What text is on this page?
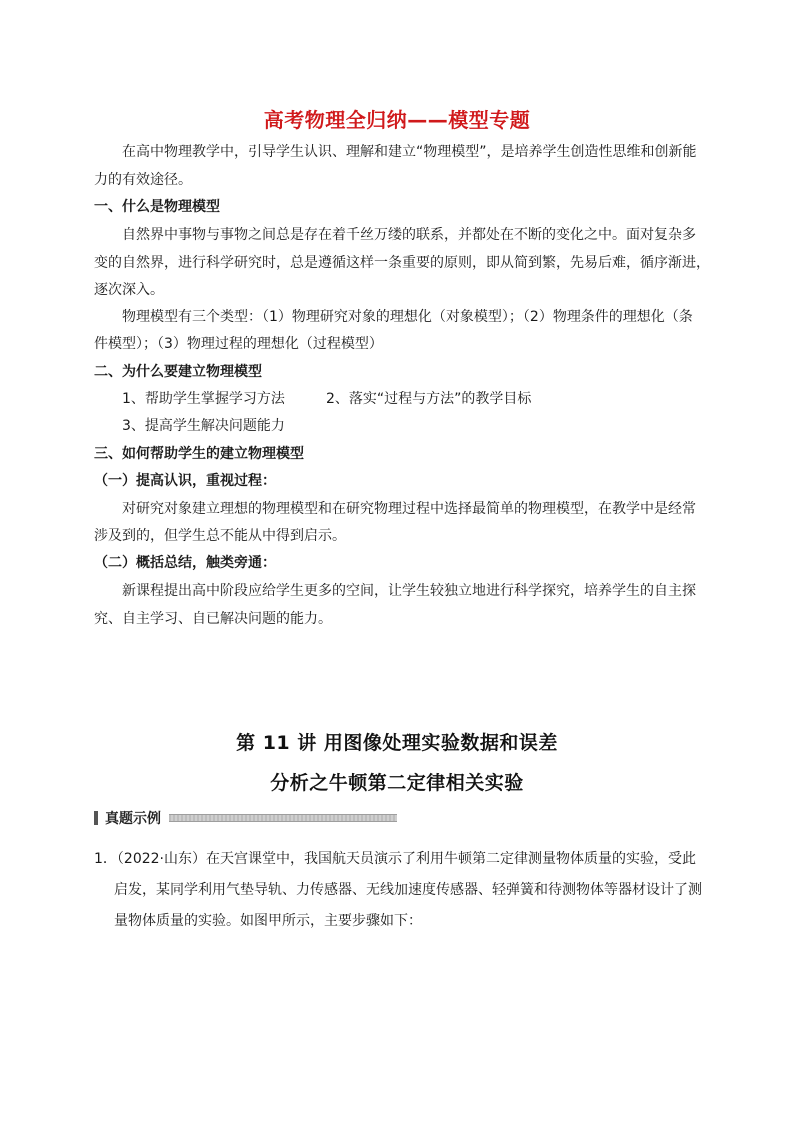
高考物理全归纳——模型专题
在高中物理教学中，引导学生认识、理解和建立“物理模型”，是培养学生创造性思维和创新能
力的有效途径。
一、什么是物理模型
自然界中事物与事物之间总是存在着千丝万缕的联系，并都处在不断的变化之中。面对复杂多
变的自然界，进行科学研究时，总是遵循这样一条重要的原则，即从简到繁，先易后难，循序渐进，
逐次深入。
物理模型有三个类型：（1）物理研究对象的理想化（对象模型）；（2）物理条件的理想化（条
件模型）；（3）物理过程的理想化（过程模型）
二、为什么要建立物理模型
1、帮助学生掌握学习方法	2、落实“过程与方法”的教学目标
3、提高学生解决问题能力
三、如何帮助学生的建立物理模型
（一）提高认识，重视过程：
对研究对象建立理想的物理模型和在研究物理过程中选择最简单的物理模型，在教学中是经常
涉及到的，但学生总不能从中得到启示。
（二）概括总结，触类旁通：
新课程提出高中阶段应给学生更多的空间，让学生较独立地进行科学探究，培养学生的自主探
究、自主学习、自已解决问题的能力。
第 11 讲 用图像处理实验数据和误差
分析之牛顿第二定律相关实验
真题示例
1．（2022·山东）在天宫课堂中，我国航天员演示了利用牛顿第二定律测量物体质量的实验，受此
启发，某同学利用气垫导轨、力传感器、无线加速度传感器、轻弹簧和待测物体等器材设计了测
量物体质量的实验。如图甲所示，主要步骤如下：
